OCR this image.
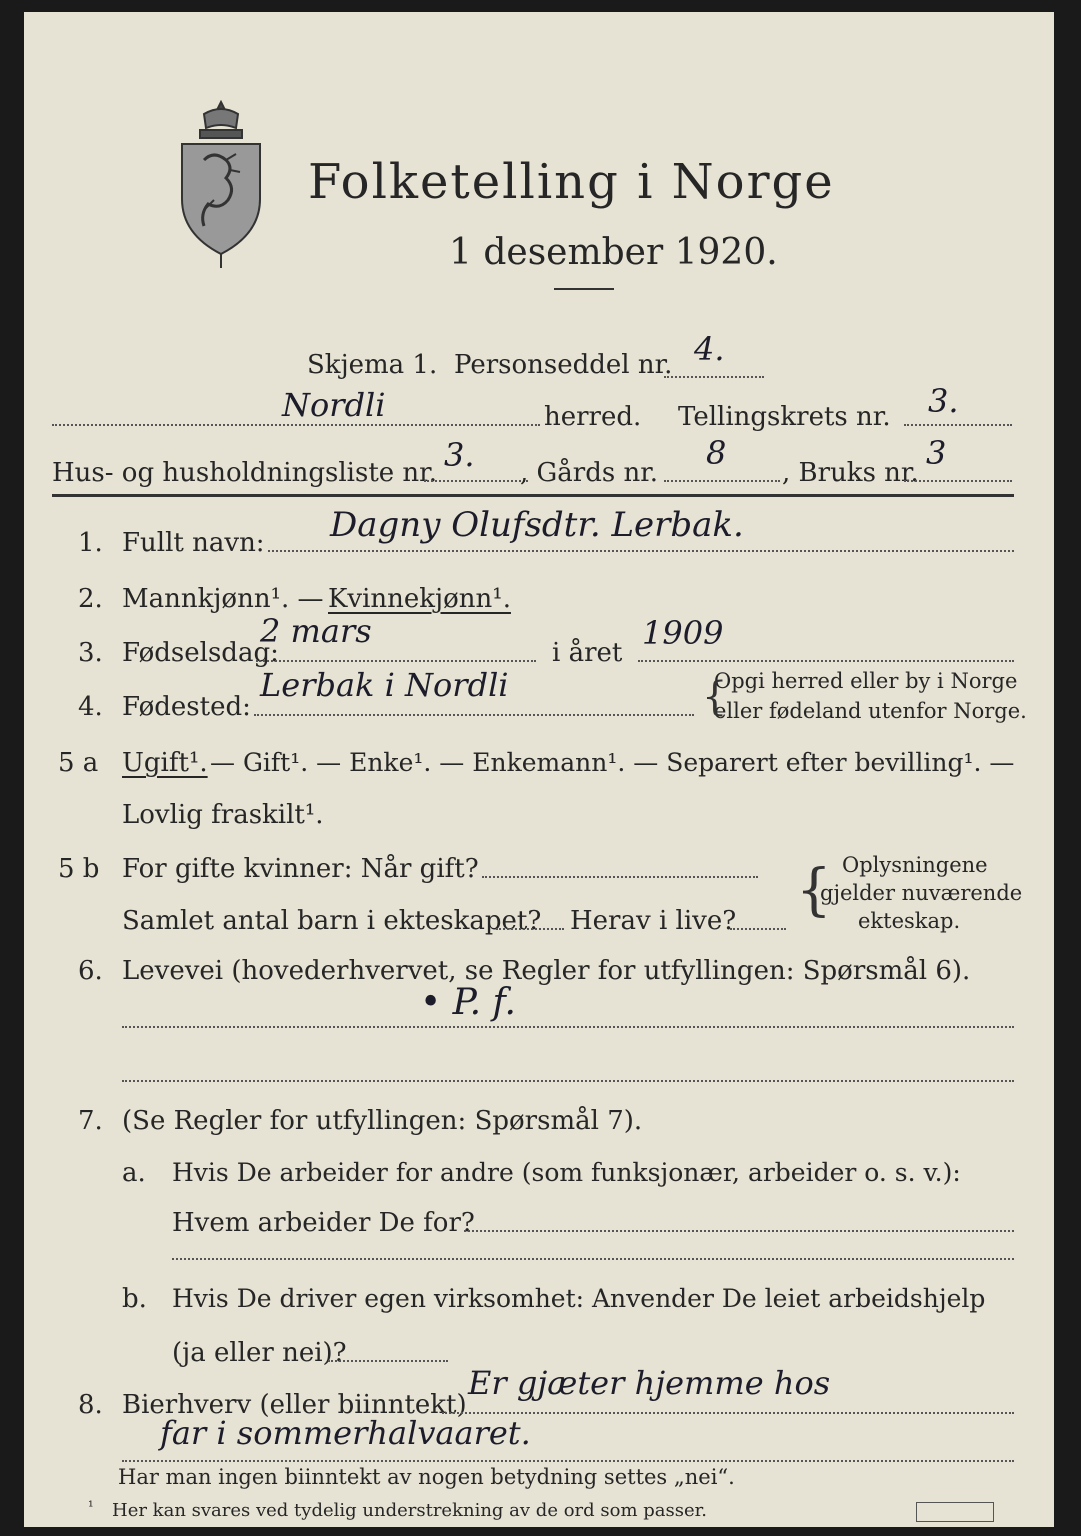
Folketelling i Norge
1 desember 1920.
Skjema 1. Personseddel nr. 4.
Nordli	herred. Tellingskrets nr. 3.
Hus- og husholdningsliste nr. 3. , Gårds nr.
8
, Bruks nr.
3
1. Fullt navn: Dagny Olufsdtr. Lerbak.
2. Mannkjønn¹. — Kvinnekjønn¹.
3. Fødselsdag:
2 mars
i året
1909
4. Fødested:
Lerbak i Nordli	Opgi herred eller by i Norge
eller fødeland utenfor Norge.
{
5 a Ugift¹. — Gift¹. — Enke¹. — Enkemann¹. — Separert efter bevilling¹. —
Lovlig fraskilt¹.
5 b For gifte kvinner: Når gift?
Samlet antal barn i ekteskapet? Herav i live? { Oplysningene
gjelder nuværende
ekteskap.
6. Levevei (hovederhvervet, se Regler for utfyllingen: Spørsmål 6).
• P. f.
7. (Se Regler for utfyllingen: Spørsmål 7).
a. Hvis De arbeider for andre (som funksjonær, arbeider o. s. v.):
Hvem arbeider De for?
b. Hvis De driver egen virksomhet: Anvender De leiet arbeidshjelp
(ja eller nei)?
8. Bierhverv (eller biinntekt)
Er gjæter hjemme hos
far i sommerhalvaaret.
Har man ingen biinntekt av nogen betydning settes „nei“.
¹ Her kan svares ved tydelig understrekning av de ord som passer.
